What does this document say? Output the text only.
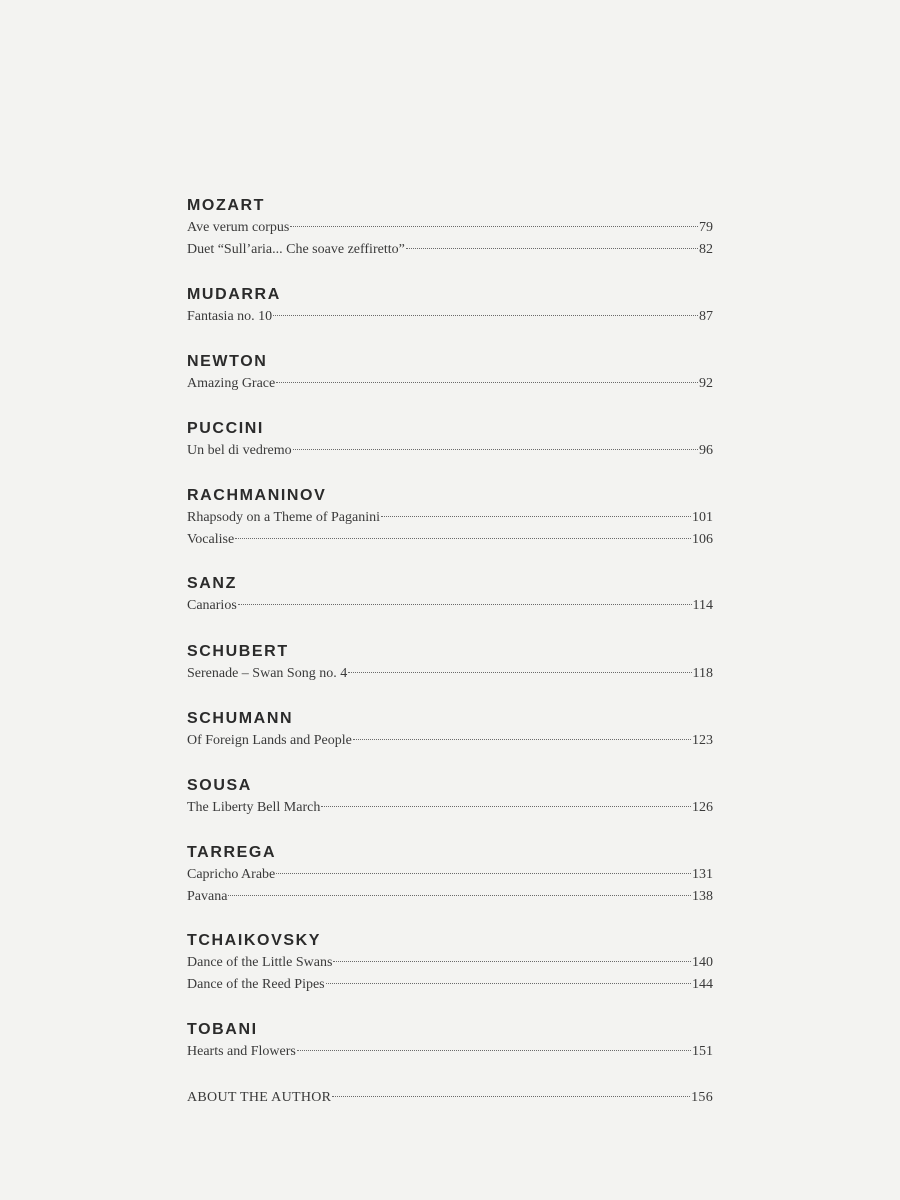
MOZART
Ave verum corpus	79
Duet “Sull’aria... Che soave zeffiretto”	82
MUDARRA
Fantasia no. 10	87
NEWTON
Amazing Grace	92
PUCCINI
Un bel di vedremo	96
RACHMANINOV
Rhapsody on a Theme of Paganini	101
Vocalise	106
SANZ
Canarios	114
SCHUBERT
Serenade – Swan Song no. 4	118
SCHUMANN
Of Foreign Lands and People	123
SOUSA
The Liberty Bell March	126
TARREGA
Capricho Arabe	131
Pavana	138
TCHAIKOVSKY
Dance of the Little Swans	140
Dance of the Reed Pipes	144
TOBANI
Hearts and Flowers	151
ABOUT THE AUTHOR	156
